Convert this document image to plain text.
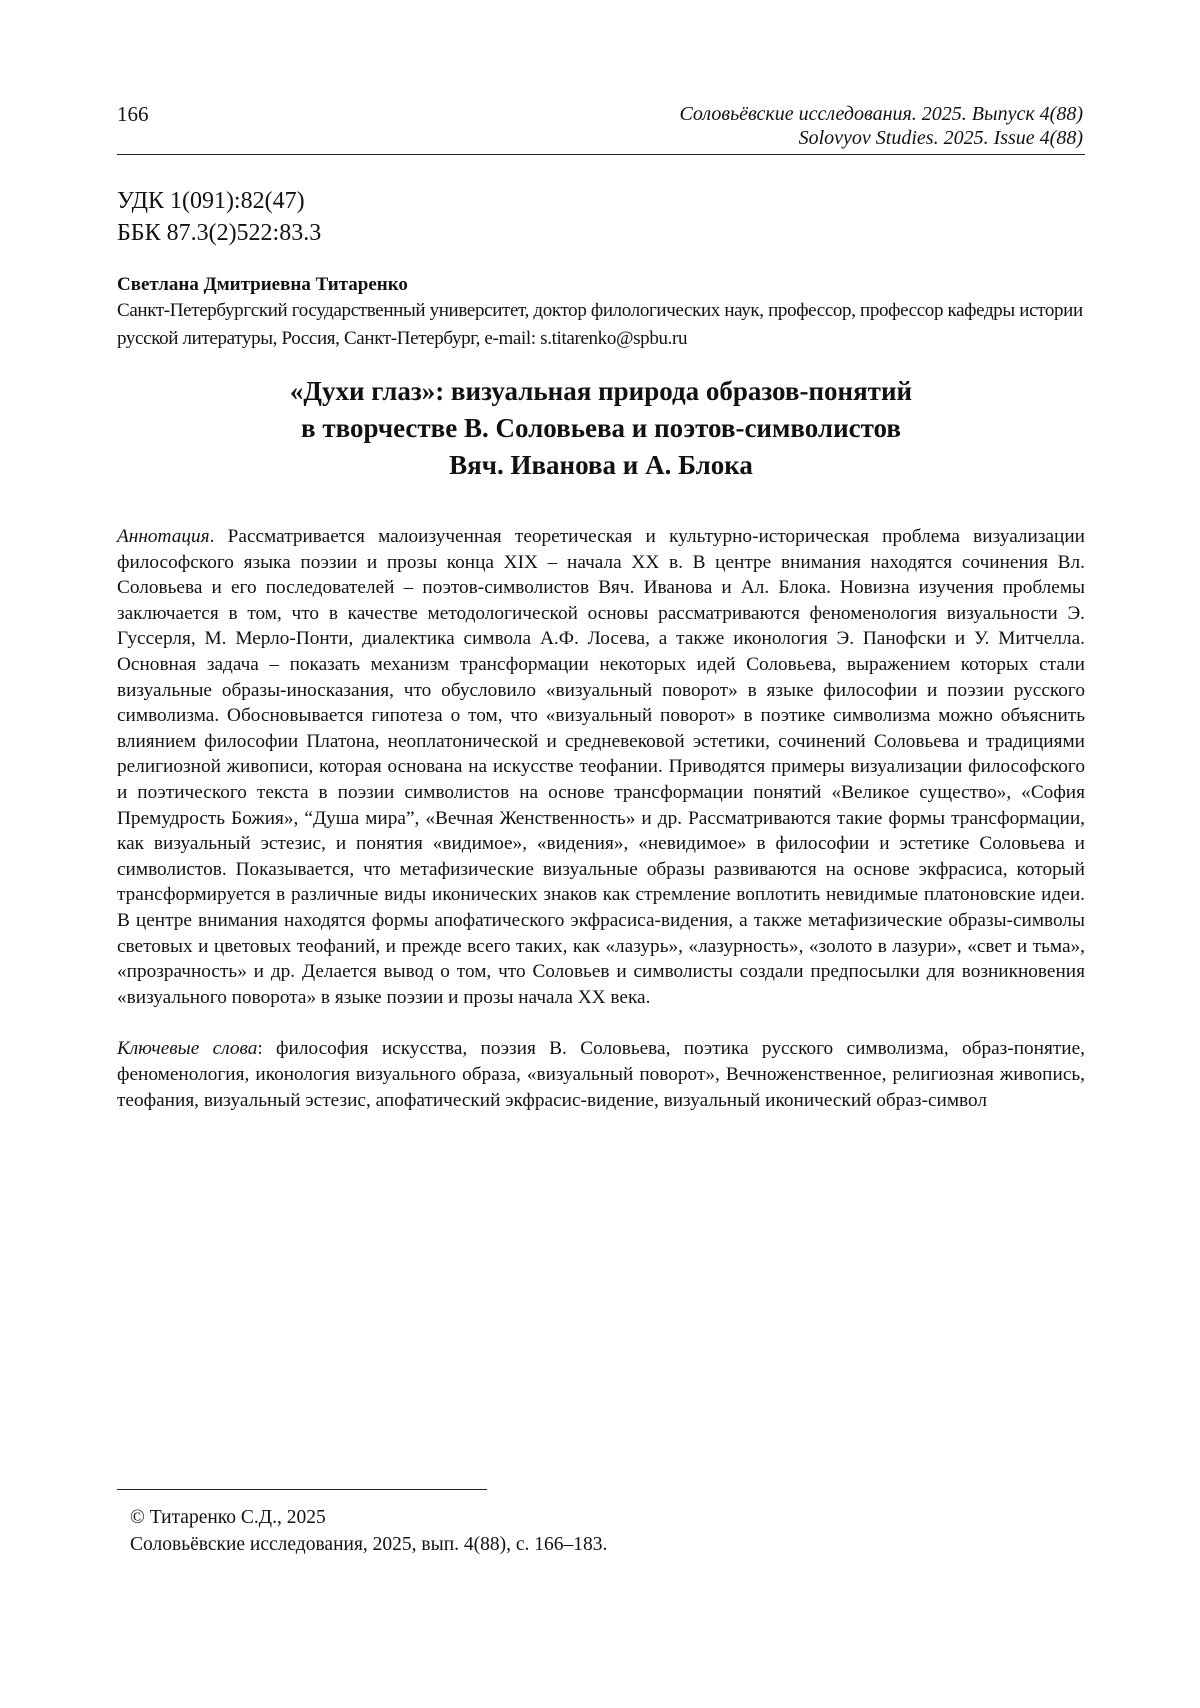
166	Соловьёвские исследования. 2025. Выпуск 4(88)
Solovyov Studies. 2025. Issue 4(88)
УДК 1(091):82(47)
ББК 87.3(2)522:83.3
Светлана Дмитриевна Титаренко
Санкт-Петербургский государственный университет, доктор филологических наук, профессор, профессор кафедры истории русской литературы, Россия, Санкт-Петербург, e-mail: s.titarenko@spbu.ru
«Духи глаз»: визуальная природа образов-понятий
в творчестве В. Соловьева и поэтов-символистов
Вяч. Иванова и А. Блока
Аннотация. Рассматривается малоизученная теоретическая и культурно-историческая проблема визуализации философского языка поэзии и прозы конца XIX – начала XX в. В центре внимания находятся сочинения Вл. Соловьева и его последователей – поэтов-символистов Вяч. Иванова и Ал. Блока. Новизна изучения проблемы заключается в том, что в качестве методологической основы рассматриваются феноменология визуальности Э. Гуссерля, М. Мерло-Понти, диалектика символа А.Ф. Лосева, а также иконология Э. Панофски и У. Митчелла. Основная задача – показать механизм трансформации некоторых идей Соловьева, выражением которых стали визуальные образы-иносказания, что обусловило «визуальный поворот» в языке философии и поэзии русского символизма. Обосновывается гипотеза о том, что «визуальный поворот» в поэтике символизма можно объяснить влиянием философии Платона, неоплатонической и средневековой эстетики, сочинений Соловьева и традициями религиозной живописи, которая основана на искусстве теофании. Приводятся примеры визуализации философского и поэтического текста в поэзии символистов на основе трансформации понятий «Великое существо», «София Премудрость Божия», “Душа мира”, «Вечная Женственность» и др. Рассматриваются такие формы трансформации, как визуальный эстезис, и понятия «видимое», «видения», «невидимое» в философии и эстетике Соловьева и символистов. Показывается, что метафизические визуальные образы развиваются на основе экфрасиса, который трансформируется в различные виды иконических знаков как стремление воплотить невидимые платоновские идеи. В центре внимания находятся формы апофатического экфрасиса-видения, а также метафизические образы-символы световых и цветовых теофаний, и прежде всего таких, как «лазурь», «лазурность», «золото в лазури», «свет и тьма», «прозрачность» и др. Делается вывод о том, что Соловьев и символисты создали предпосылки для возникновения «визуального поворота» в языке поэзии и прозы начала XX века.
Ключевые слова: философия искусства, поэзия В. Соловьева, поэтика русского символизма, образ-понятие, феноменология, иконология визуального образа, «визуальный поворот», Вечноженственное, религиозная живопись, теофания, визуальный эстезис, апофатический экфрасис-видение, визуальный иконический образ-символ
© Титаренко С.Д., 2025
Соловьёвские исследования, 2025, вып. 4(88), с. 166–183.
